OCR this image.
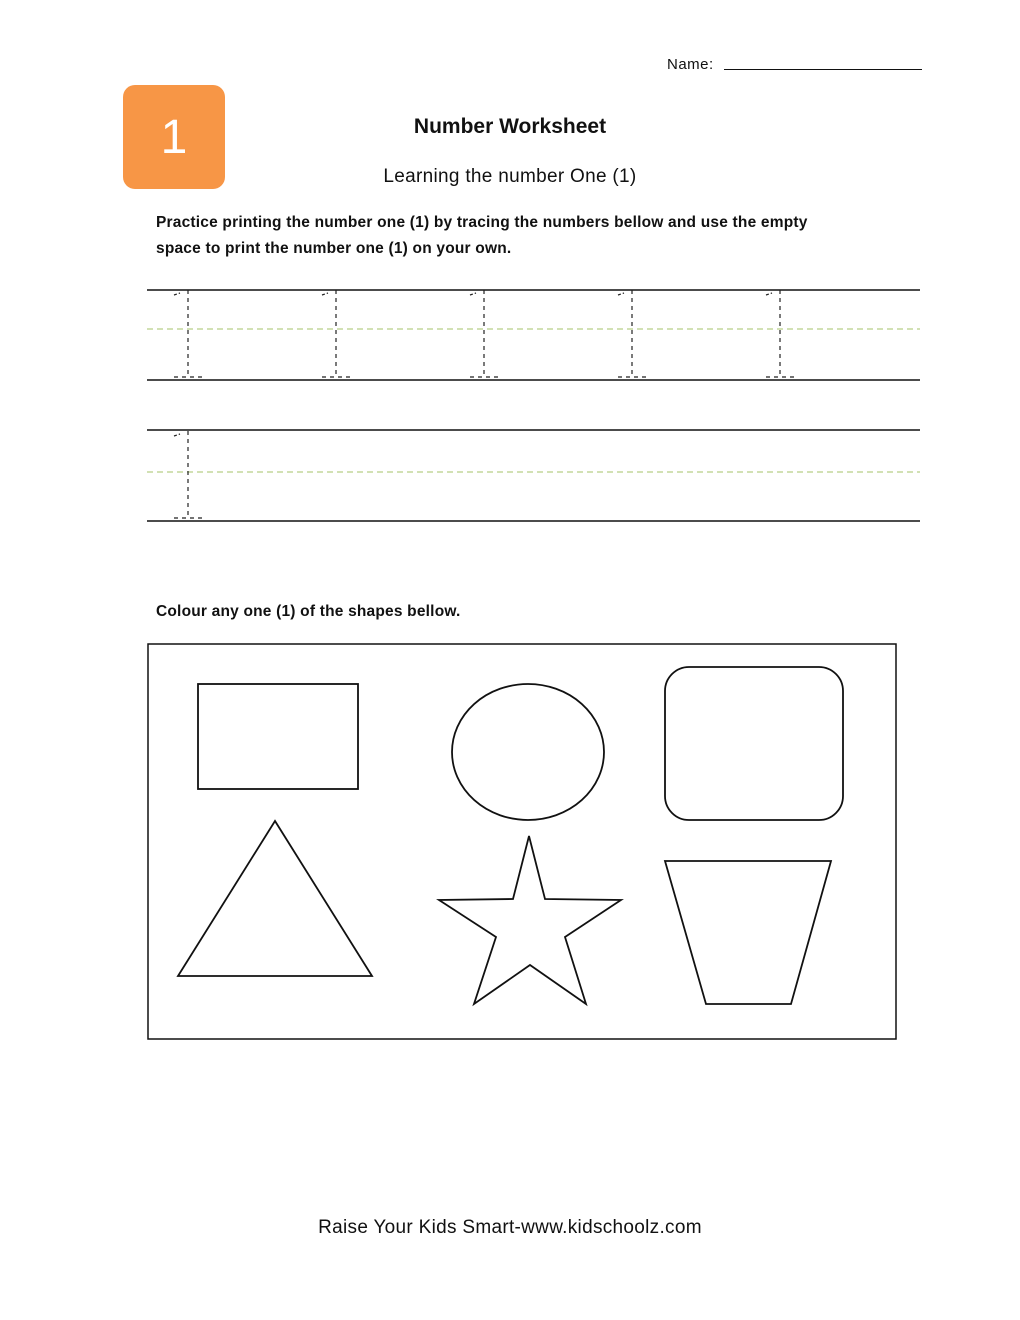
Name:
1	Number Worksheet
Learning the number One (1)
Practice printing the number one (1) by tracing the numbers bellow and use the empty
space to print the number one (1) on your own.
Colour any one (1) of the shapes bellow.
Raise Your Kids Smart-www.kidschoolz.com
